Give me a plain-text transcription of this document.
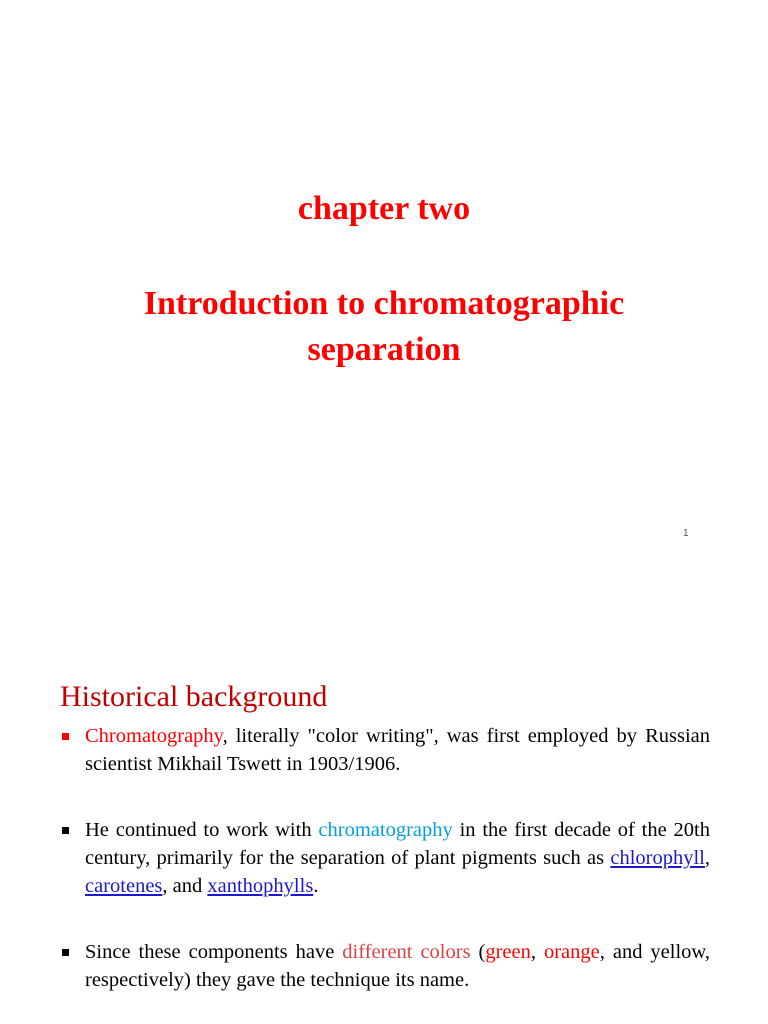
chapter two
Introduction to chromatographic
separation
1
Historical background
Chromatography, literally "color writing", was first employed by Russian scientist Mikhail Tswett in 1903/1906.
He continued to work with chromatography in the first decade of the 20th century, primarily for the separation of plant pigments such as chlorophyll, carotenes, and xanthophylls.
Since these components have different colors (green, orange, and yellow, respectively) they gave the technique its name.
